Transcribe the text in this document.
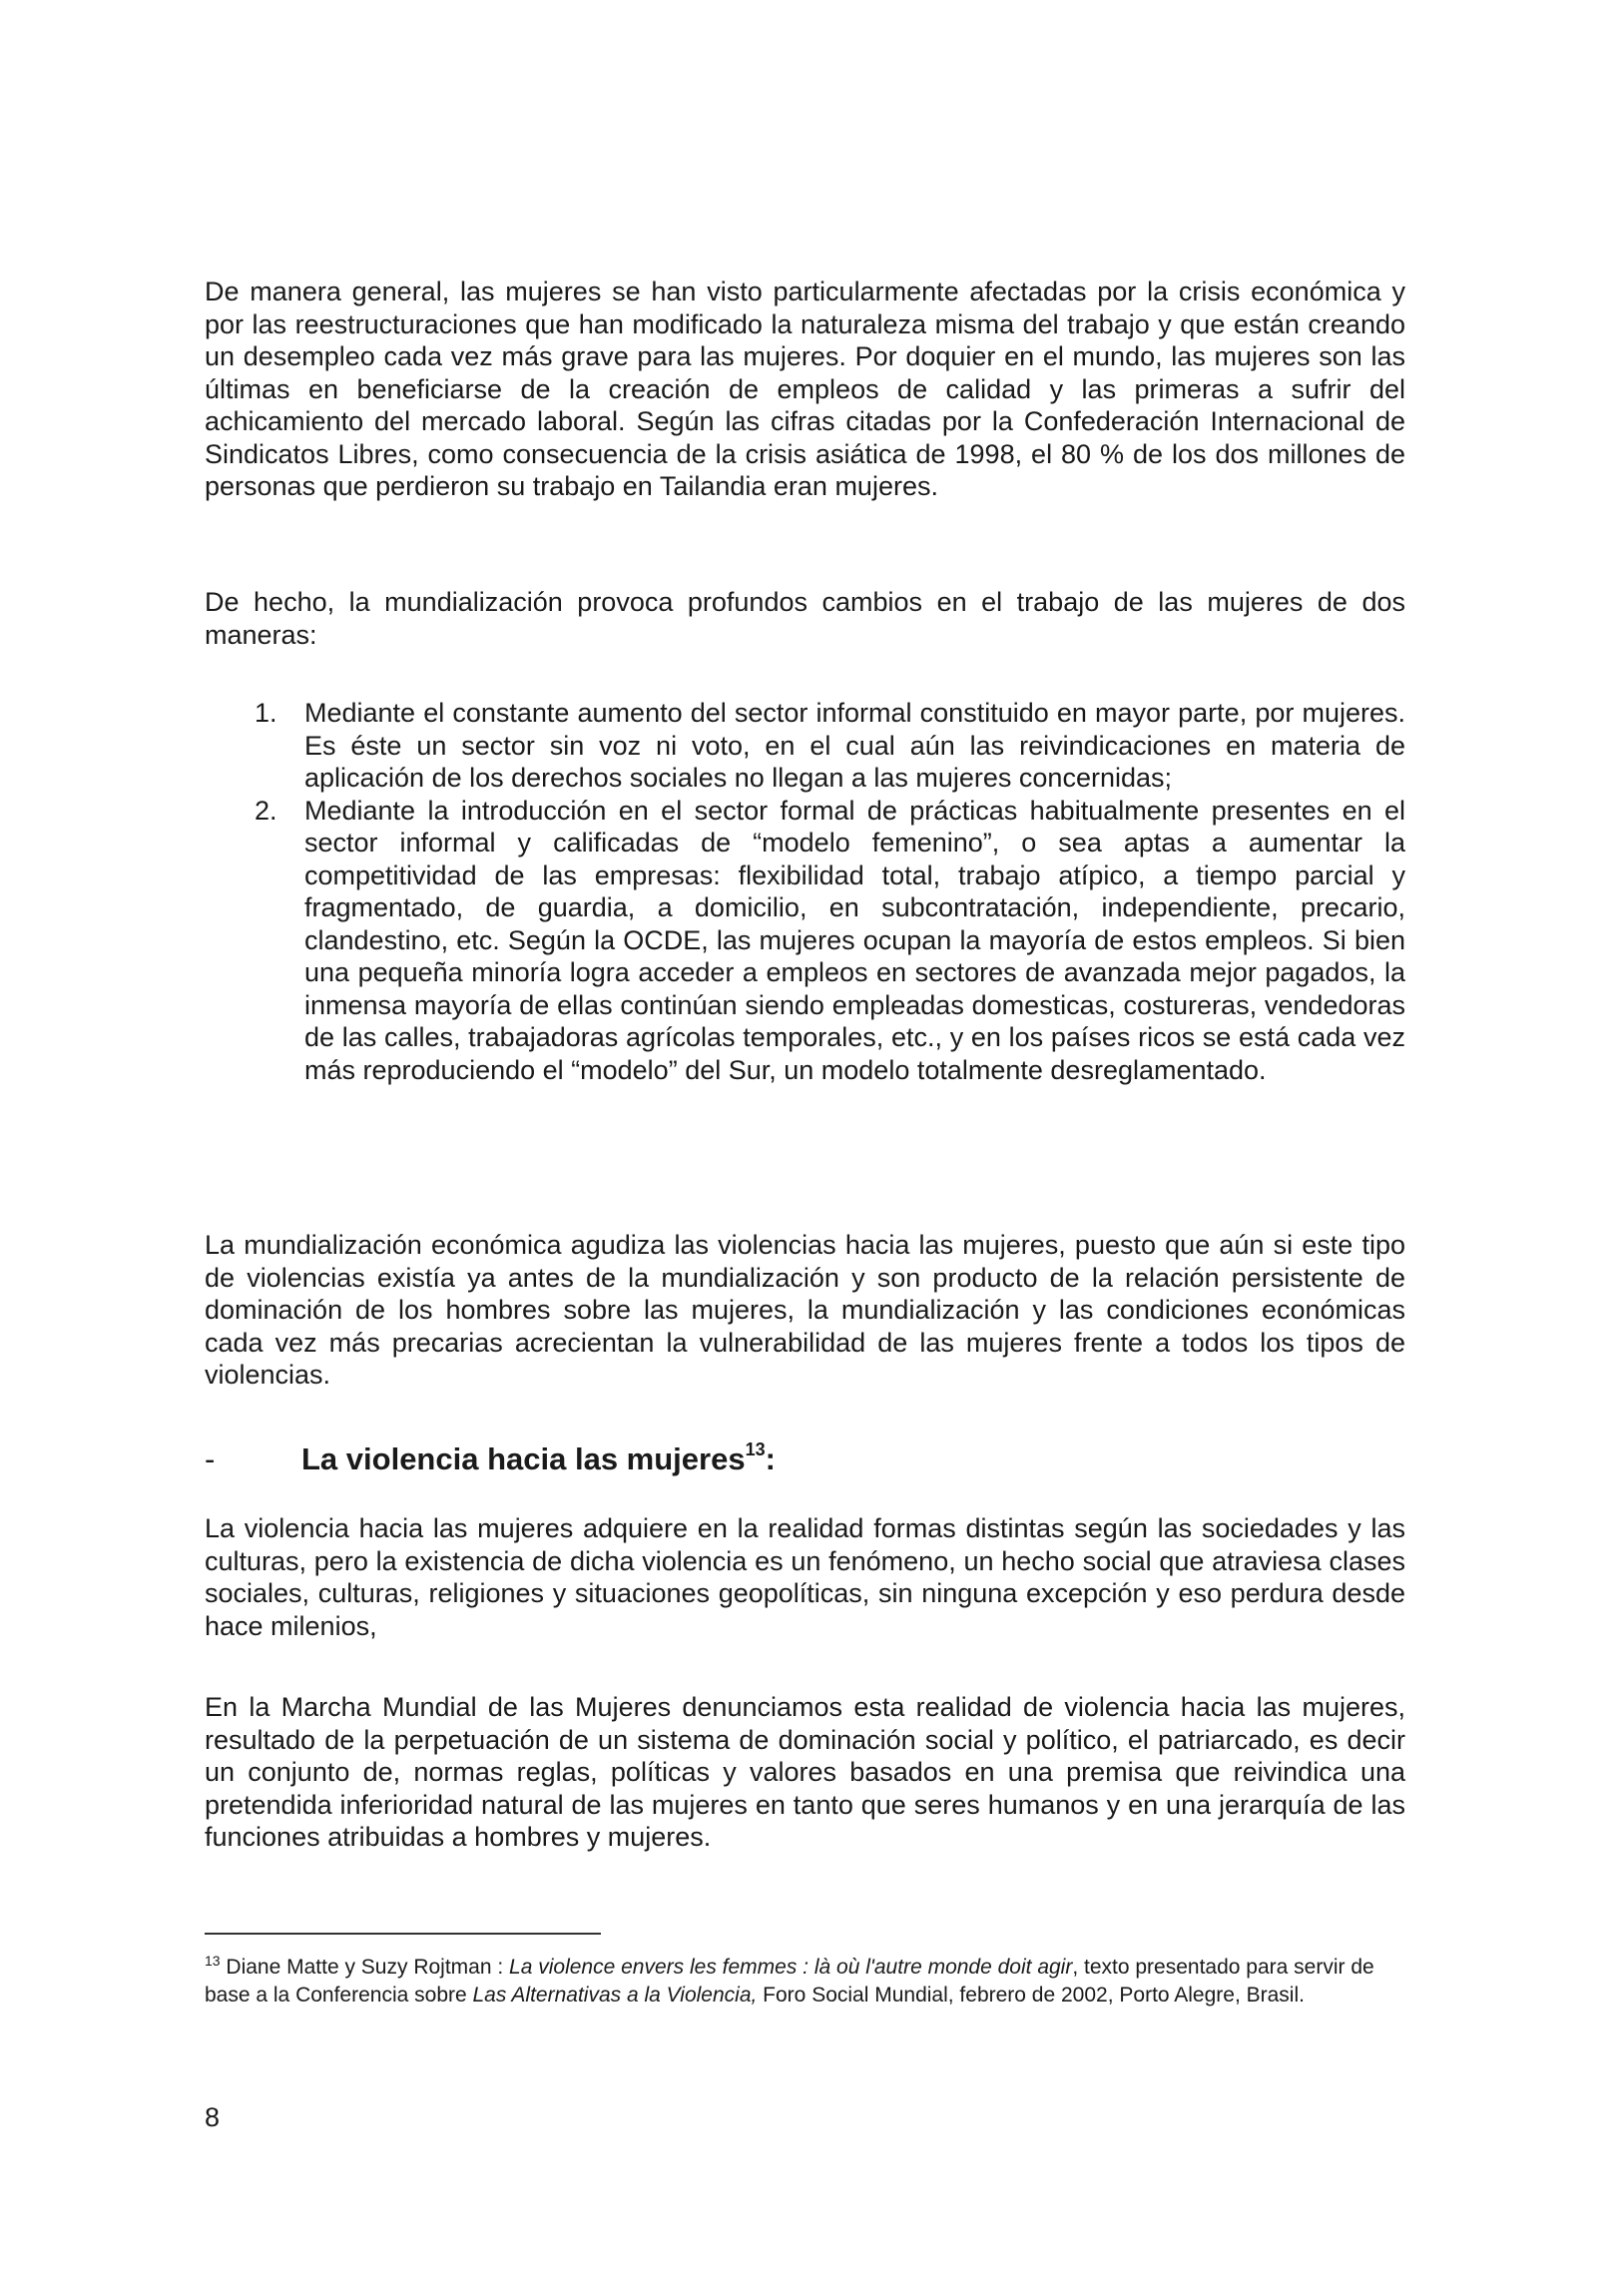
De manera general, las mujeres se han visto particularmente afectadas por la crisis económica y por las reestructuraciones que han modificado la naturaleza misma del trabajo y que están creando un desempleo cada vez más grave para las mujeres. Por doquier en el mundo, las mujeres son las últimas en beneficiarse de la creación de empleos de calidad y las primeras a sufrir del achicamiento del mercado laboral. Según las cifras citadas por la Confederación Internacional de Sindicatos Libres, como consecuencia de la crisis asiática de 1998, el 80 % de los dos millones de personas que perdieron su trabajo en Tailandia eran mujeres.

De hecho, la mundialización provoca profundos cambios en el trabajo de las mujeres de dos maneras:

1. Mediante el constante aumento del sector informal constituido en mayor parte, por mujeres. Es éste un sector sin voz ni voto, en el cual aún las reivindicaciones en materia de aplicación de los derechos sociales no llegan a las mujeres concernidas;
2. Mediante la introducción en el sector formal de prácticas habitualmente presentes en el sector informal y calificadas de “modelo femenino”, o sea aptas a aumentar la competitividad de las empresas: flexibilidad total, trabajo atípico, a tiempo parcial y fragmentado, de guardia, a domicilio, en subcontratación, independiente, precario, clandestino, etc. Según la OCDE, las mujeres ocupan la mayoría de estos empleos. Si bien una pequeña minoría logra acceder a empleos en sectores de avanzada mejor pagados, la inmensa mayoría de ellas continúan siendo empleadas domesticas, costureras, vendedoras de las calles, trabajadoras agrícolas temporales, etc., y en los países ricos se está cada vez más reproduciendo el “modelo” del Sur, un modelo totalmente desreglamentado.

La mundialización económica agudiza las violencias hacia las mujeres, puesto que aún si este tipo de violencias existía ya antes de la mundialización y son producto de la relación persistente de dominación de los hombres sobre las mujeres, la mundialización y las condiciones económicas cada vez más precarias acrecientan la vulnerabilidad de las mujeres frente a todos los tipos de violencias.

-	La violencia hacia las mujeres$^{13}$:

La violencia hacia las mujeres adquiere en la realidad formas distintas según las sociedades y las culturas, pero la existencia de dicha violencia es un fenómeno, un hecho social que atraviesa clases sociales, culturas, religiones y situaciones geopolíticas, sin ninguna excepción y eso perdura desde hace milenios,

En la Marcha Mundial de las Mujeres denunciamos esta realidad de violencia hacia las mujeres, resultado de la perpetuación de un sistema de dominación social y político, el patriarcado, es decir un conjunto de, normas reglas, políticas y valores basados en una premisa que reivindica una pretendida inferioridad natural de las mujeres en tanto que seres humanos y en una jerarquía de las funciones atribuidas a hombres y mujeres.

$^{13}$ Diane Matte y Suzy Rojtman : La violence envers les femmes : là où l'autre monde doit agir, texto presentado para servir de base a la Conferencia sobre Las Alternativas a la Violencia, Foro Social Mundial, febrero de 2002, Porto Alegre, Brasil.

8
